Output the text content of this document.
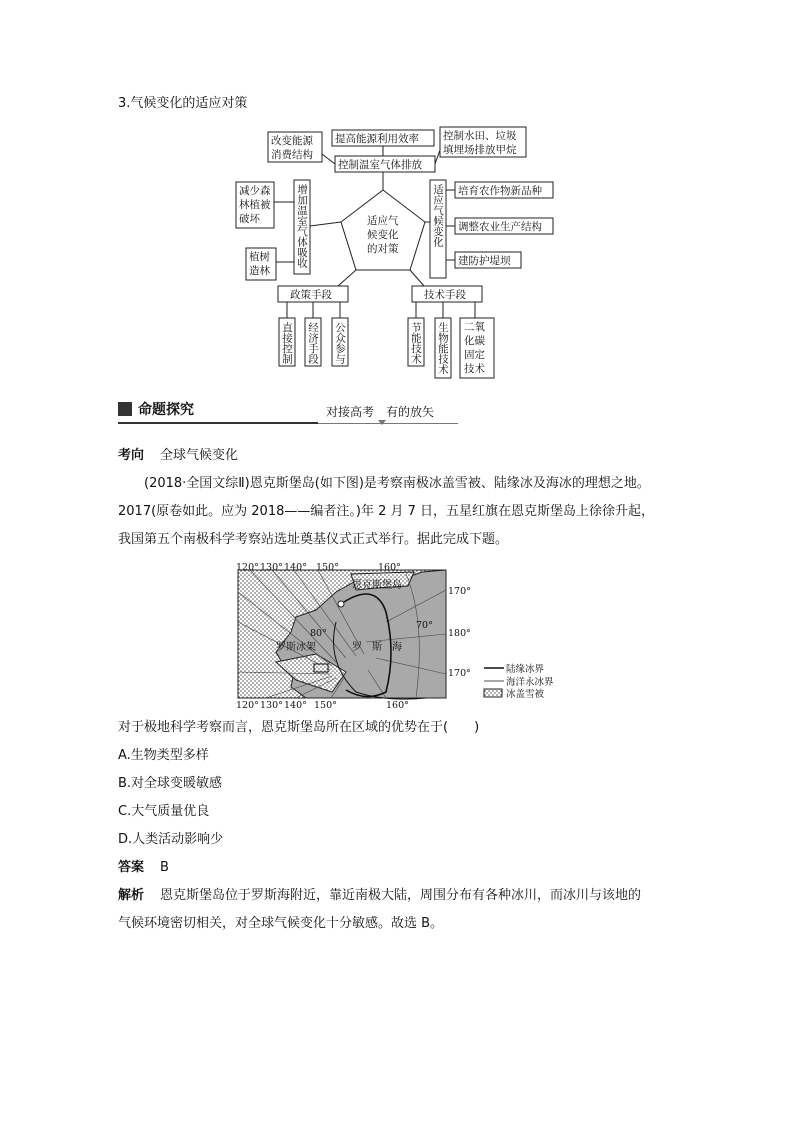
3.气候变化的适应对策
改变能源
消费结构
提高能源利用效率 控制水田、垃圾
填埋场排放甲烷
控制温室气体排放
适应气
候变化
的对策
减少森
林植被
破坏
植树
造林
培育农作物新品种
调整农业生产结构
建防护堤坝
政策手段	技术手段
增加温室气体吸收	适应气候变化
直接控制 经济手段 公众参与	节能技术 生物能技术 二氧
化碳
固定
技术
命题探究	对接高考　有的放矢
考向 全球气候变化
(2018·全国文综Ⅱ)恩克斯堡岛(如下图)是考察南极冰盖雪被、陆缘冰及海冰的理想之地。
2017(原卷如此。应为 2018——编者注。)年 2 月 7 日，五星红旗在恩克斯堡岛上徐徐升起，
我国第五个南极科学考察站选址奠基仪式正式举行。据此完成下题。
120° 130° 140° 150°	160°
120° 130° 140° 150°	160°
170°
180°
170°
80°
70°
恩克斯堡岛
罗斯冰架	罗　斯　海
陆缘冰界
海洋永冰界
冰盖雪被
对于极地科学考察而言，恩克斯堡岛所在区域的优势在于(　　)
A.生物类型多样
B.对全球变暖敏感
C.大气质量优良
D.人类活动影响少
答案 B
解析 恩克斯堡岛位于罗斯海附近，靠近南极大陆，周围分布有各种冰川，而冰川与该地的
气候环境密切相关，对全球气候变化十分敏感。故选 B。
